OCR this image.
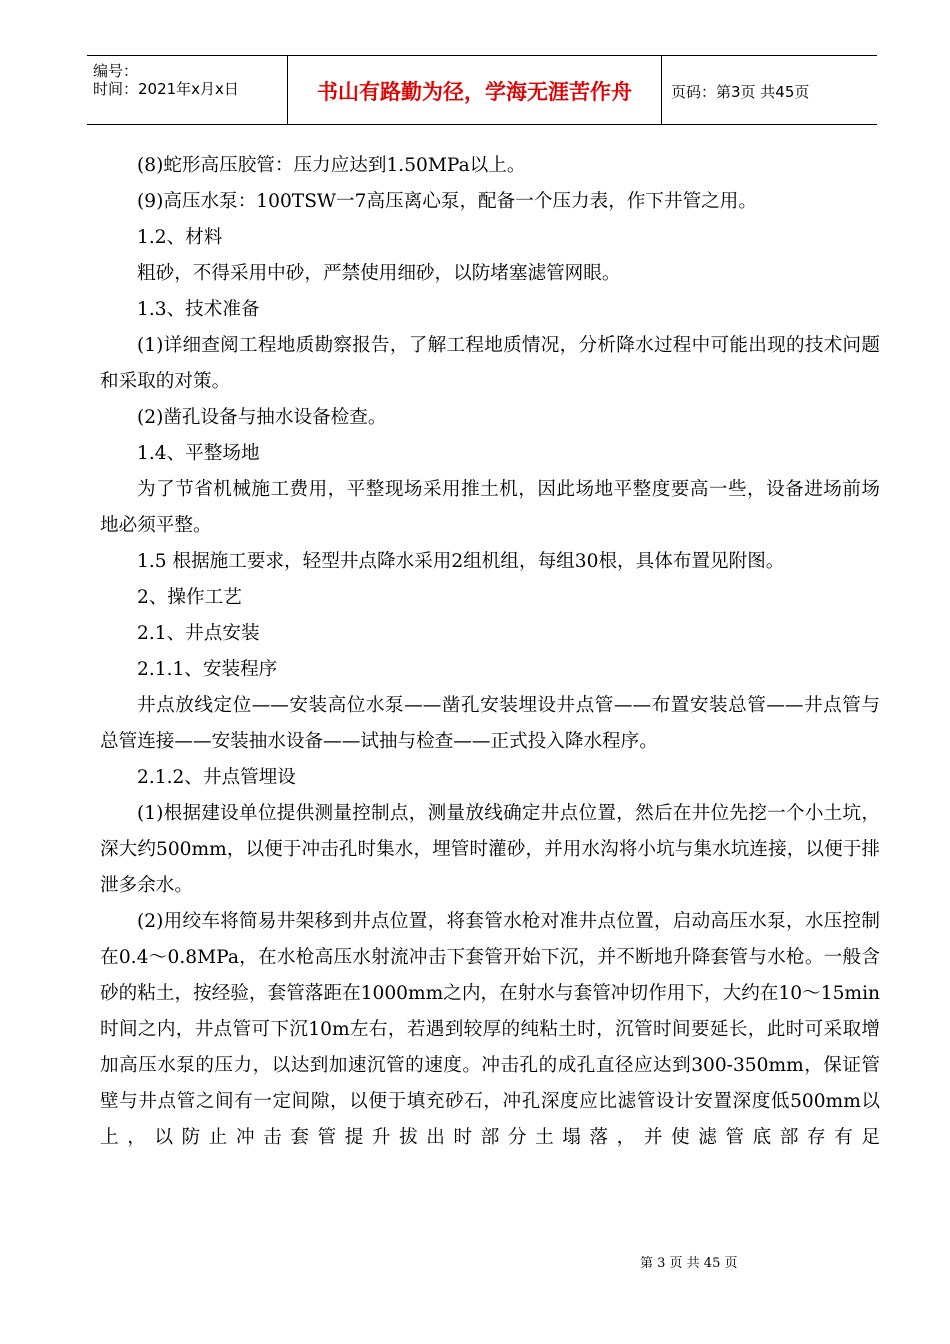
编号：
时间：2021年x月x日	书山有路勤为径，学海无涯苦作舟	页码：第3页 共45页

(8)蛇形高压胶管：压力应达到1.50MPa以上。

(9)高压水泵：100TSW一7高压离心泵，配备一个压力表，作下井管之用。

1.2、材料

粗砂，不得采用中砂，严禁使用细砂，以防堵塞滤管网眼。

1.3、技术准备

(1)详细查阅工程地质勘察报告，了解工程地质情况，分析降水过程中可能出现的技术问题和采取的对策。

(2)凿孔设备与抽水设备检查。

1.4、平整场地

为了节省机械施工费用，平整现场采用推土机，因此场地平整度要高一些，设备进场前场地必须平整。

1.5 根据施工要求，轻型井点降水采用2组机组，每组30根，具体布置见附图。

2、操作工艺

2.1、井点安装

2.1.1、安装程序

井点放线定位——安装高位水泵——凿孔安装埋设井点管——布置安装总管——井点管与总管连接——安装抽水设备——试抽与检查——正式投入降水程序。

2.1.2、井点管埋设

(1)根据建设单位提供测量控制点，测量放线确定井点位置，然后在井位先挖一个小土坑，深大约500mm，以便于冲击孔时集水，埋管时灌砂，并用水沟将小坑与集水坑连接，以便于排泄多余水。

(2)用绞车将简易井架移到井点位置，将套管水枪对准井点位置，启动高压水泵，水压控制在0.4～0.8MPa，在水枪高压水射流冲击下套管开始下沉，并不断地升降套管与水枪。一般含砂的粘土，按经验，套管落距在1000mm之内，在射水与套管冲切作用下，大约在10～15min时间之内，井点管可下沉10m左右，若遇到较厚的纯粘土时，沉管时间要延长，此时可采取增加高压水泵的压力，以达到加速沉管的速度。冲击孔的成孔直径应达到300-350mm，保证管壁与井点管之间有一定间隙，以便于填充砂石，冲孔深度应比滤管设计安置深度低500mm以上，以防止冲击套管提升拔出时部分土塌落，并使滤管底部存有足

第 3 页 共 45 页
